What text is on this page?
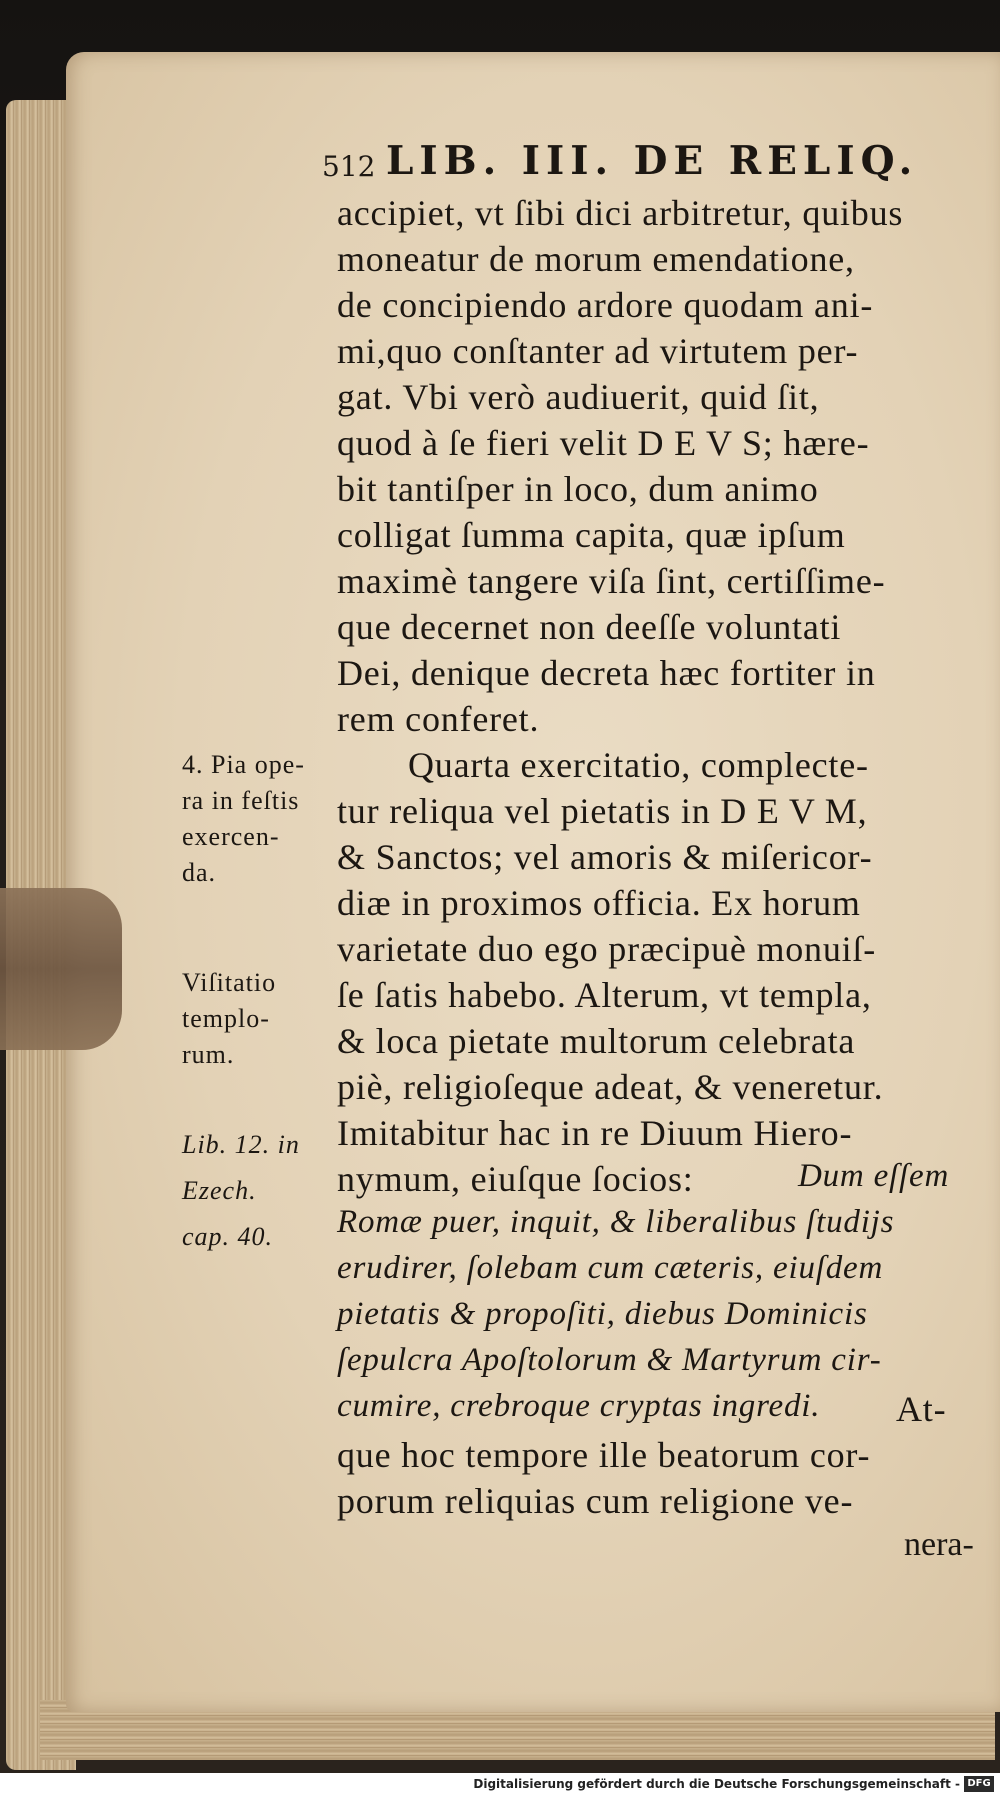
512 LIB. III. DE RELIQ.
accipiet, vt ſibi dici arbitretur, quibus
moneatur de morum emendatione,
de concipiendo ardore quodam ani-
mi,quo conſtanter ad virtutem per-
gat. Vbi verò audiuerit, quid ſit,
quod à ſe fieri velit D E V S; hære-
bit tantiſper in loco, dum animo
colligat ſumma capita, quæ ipſum
maximè tangere viſa ſint, certiſſime-
que decernet non deeſſe voluntati
Dei, denique decreta hæc fortiter in
rem conferet.
Quarta exercitatio, complecte-
tur reliqua vel pietatis in D E V M,
& Sanctos; vel amoris & miſericor-
diæ in proximos officia. Ex horum
varietate duo ego præcipuè monuiſ-
ſe ſatis habebo. Alterum, vt templa,
& loca pietate multorum celebrata
piè, religioſeque adeat, & veneretur.
Imitabitur hac in re Diuum Hiero-
nymum, eiuſque ſocios:	Dum eſſem
Romæ puer, inquit, & liberalibus ſtudijs
erudirer, ſolebam cum cæteris, eiuſdem
pietatis & propoſiti, diebus Dominicis
ſepulcra Apoſtolorum & Martyrum cir-
cumire, crebroque cryptas ingredi. At-
que hoc tempore ille beatorum cor-
porum reliquias cum religione ve-
nera-
4. Pia ope-
ra in feſtis
exercen-
da.
Viſitatio
templo-
rum.
Lib. 12. in
Ezech.
cap. 40.
Digitalisierung gefördert durch die Deutsche Forschungsgemeinschaft - DFG
